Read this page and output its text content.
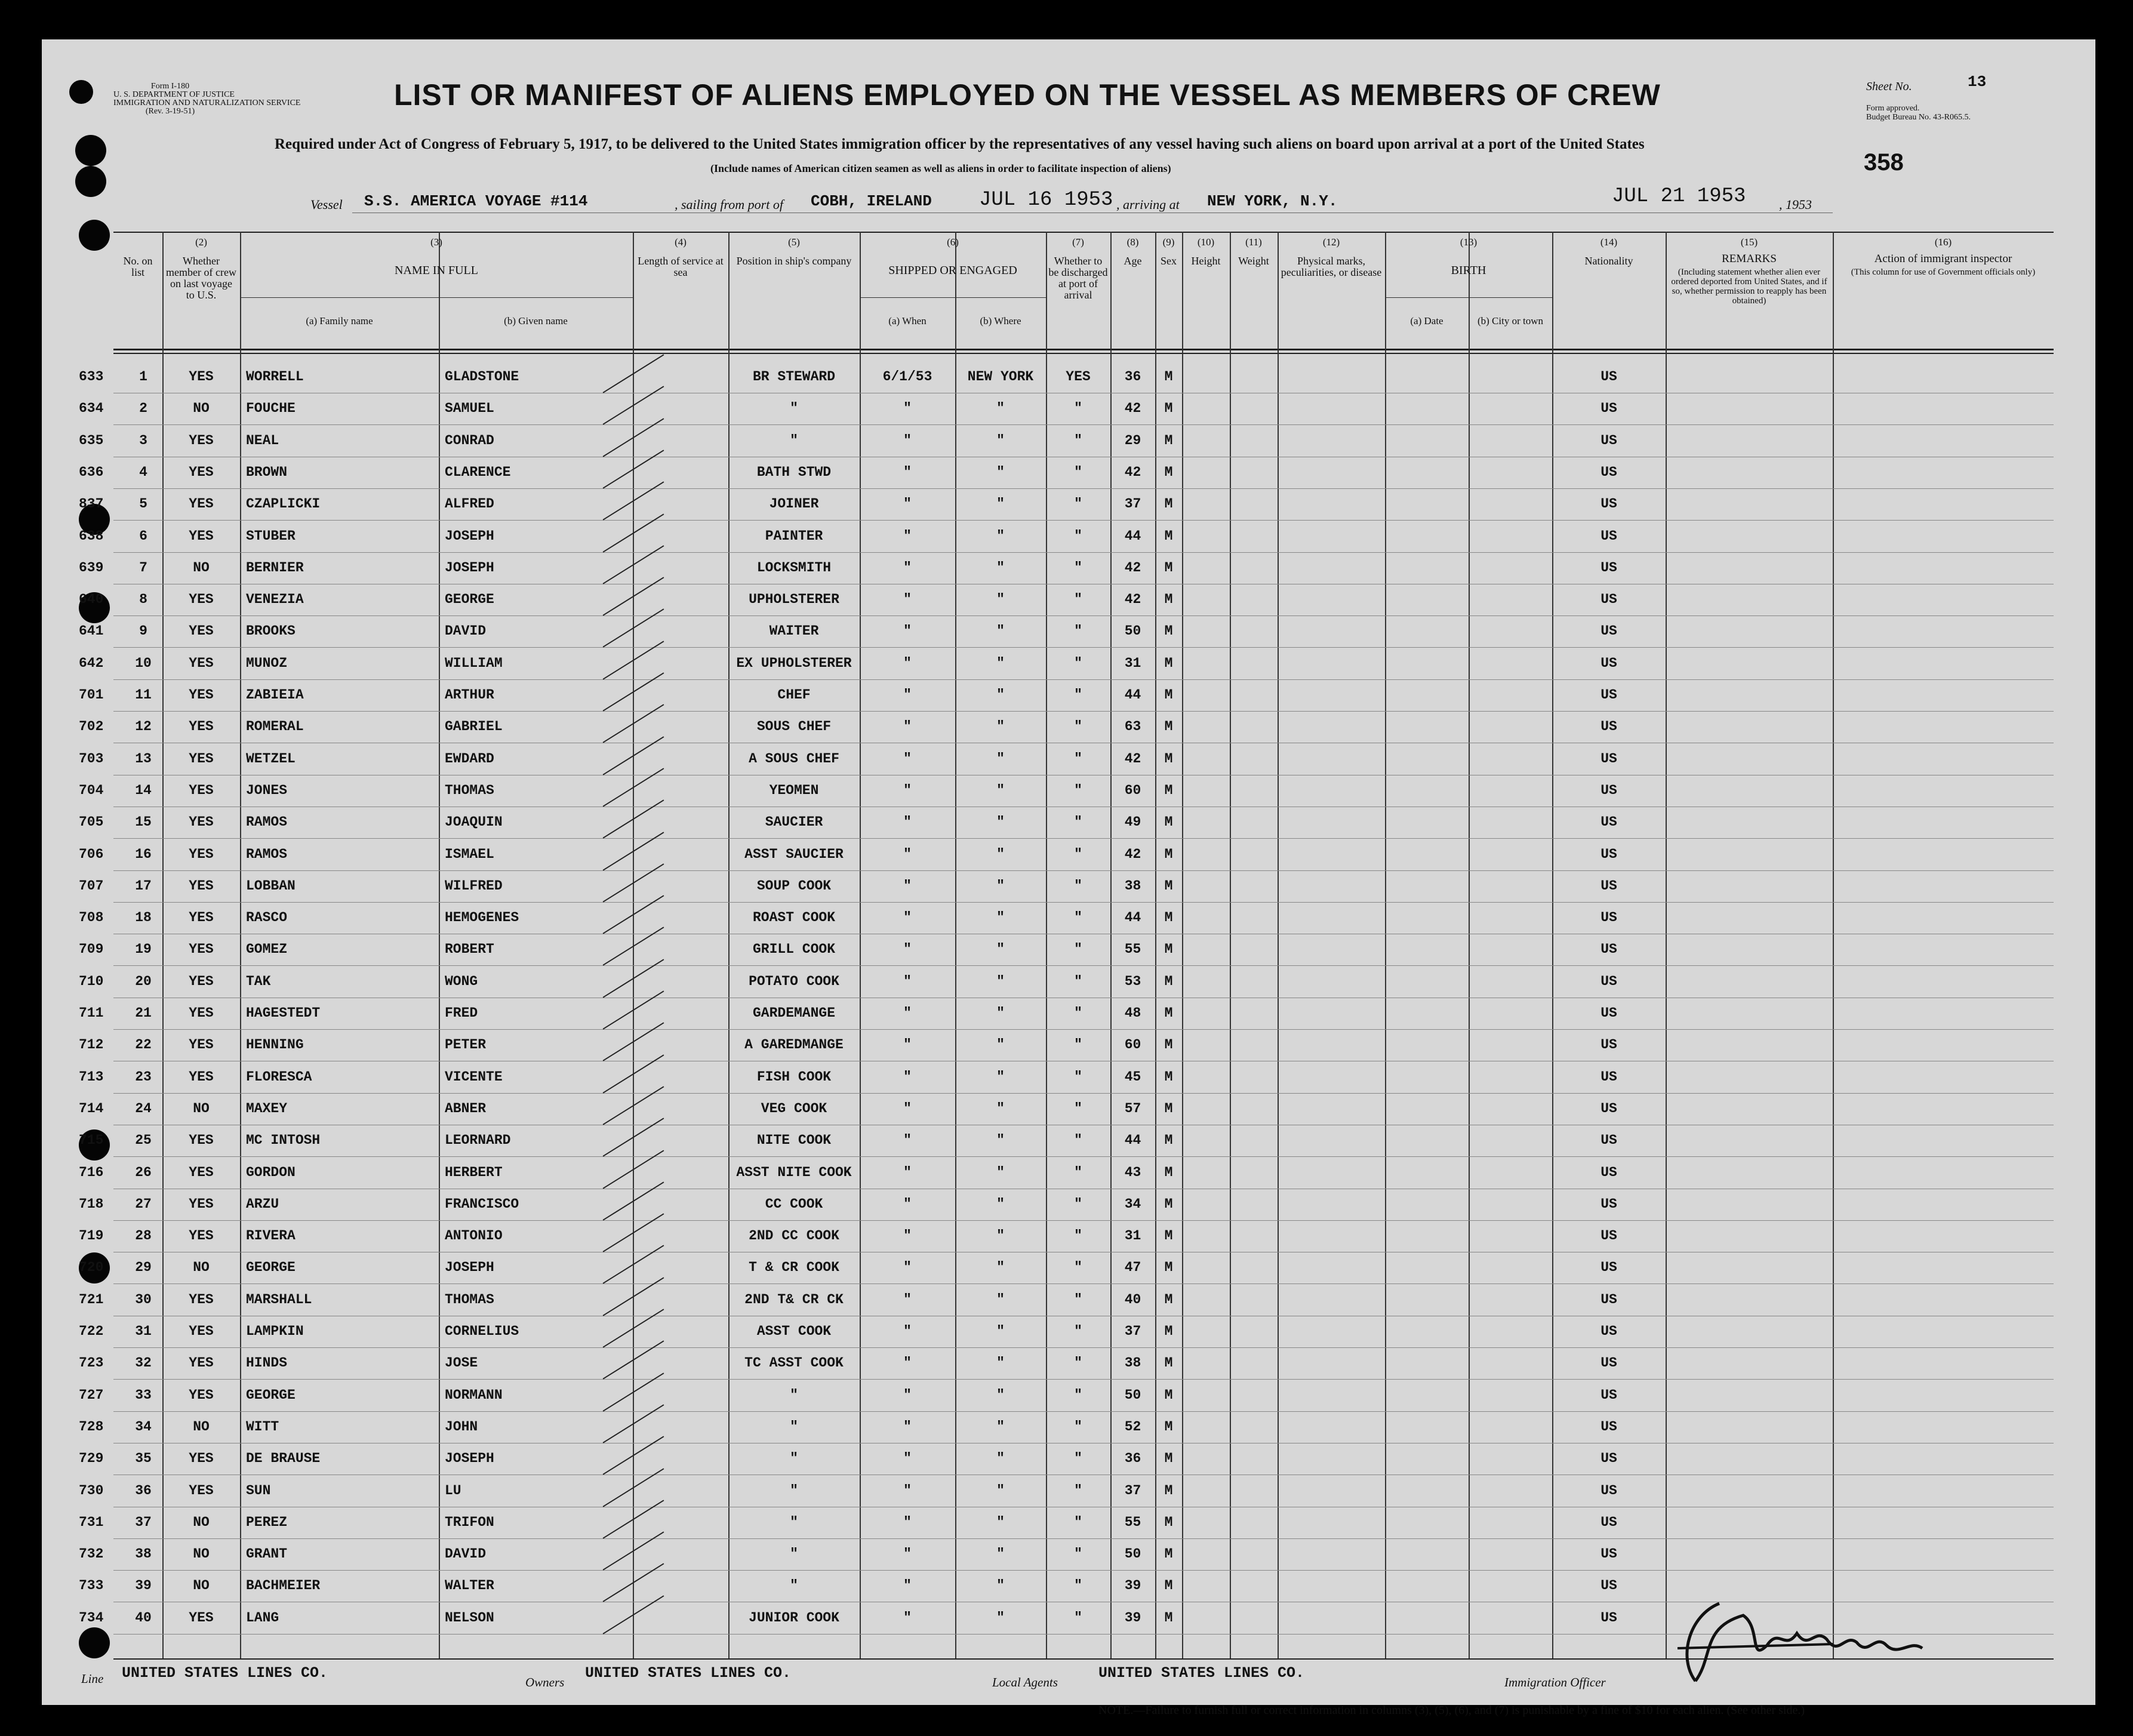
Form I-180
U. S. DEPARTMENT OF JUSTICE
IMMIGRATION AND NATURALIZATION SERVICE
(Rev. 3-19-51)	LIST OR MANIFEST OF ALIENS EMPLOYED ON THE VESSEL AS MEMBERS OF CREW	Sheet No.	13
Form approved.
Budget Bureau No. 43-R065.5.
358
Required under Act of Congress of February 5, 1917, to be delivered to the United States immigration officer by the representatives of any vessel having such aliens on board upon arrival at a port of the United States
(Include names of American citizen seamen as well as aliens in order to facilitate inspection of aliens)
Vessel S.S. AMERICA VOYAGE #114	, sailing from port of COBH, IRELAND JUL 16 1953 , arriving at NEW YORK, N.Y.	JUL 21 1953	, 1953
No. on list
(2)
Whether member of crew on last voyage to U.S.
(3)
NAME IN FULL
(a) Family name	(b) Given name
(4)
Length of service at sea
(5)
Position in ship's company
(6)
SHIPPED OR ENGAGED
(a) When	(b) Where
(7)
Whether to be discharged at port of arrival
(8)
Age
(9)
Sex
(10)
Height
(11)
Weight
(12)
Physical marks, peculiarities, or disease
(13)
BIRTH
(a) Date	(b) City or town
(14)
Nationality
(15)
REMARKS
(Including statement whether alien ever ordered deported from United States, and if so, whether permission to reapply has been obtained)
(16)
Action of immigrant inspector
(This column for use of Government officials only)
633	1	YES	WORRELL	GLADSTONE	BR STEWARD	6/1/53	NEW YORK	YES	36	M	US
634	2	NO	FOUCHE	SAMUEL	"	"	"	"	42	M	US
635	3	YES	NEAL	CONRAD	"	"	"	"	29	M	US
636	4	YES	BROWN	CLARENCE	BATH STWD	"	"	"	42	M	US
837	5	YES	CZAPLICKI	ALFRED	JOINER	"	"	"	37	M	US
638	6	YES	STUBER	JOSEPH	PAINTER	"	"	"	44	M	US
639	7	NO	BERNIER	JOSEPH	LOCKSMITH	"	"	"	42	M	US
640	8	YES	VENEZIA	GEORGE	UPHOLSTERER	"	"	"	42	M	US
641	9	YES	BROOKS	DAVID	WAITER	"	"	"	50	M	US
642	10	YES	MUNOZ	WILLIAM	EX UPHOLSTERER	"	"	"	31	M	US
701	11	YES	ZABIEIA	ARTHUR	CHEF	"	"	"	44	M	US
702	12	YES	ROMERAL	GABRIEL	SOUS CHEF	"	"	"	63	M	US
703	13	YES	WETZEL	EWDARD	A SOUS CHEF	"	"	"	42	M	US
704	14	YES	JONES	THOMAS	YEOMEN	"	"	"	60	M	US
705	15	YES	RAMOS	JOAQUIN	SAUCIER	"	"	"	49	M	US
706	16	YES	RAMOS	ISMAEL	ASST SAUCIER	"	"	"	42	M	US
707	17	YES	LOBBAN	WILFRED	SOUP COOK	"	"	"	38	M	US
708	18	YES	RASCO	HEMOGENES	ROAST COOK	"	"	"	44	M	US
709	19	YES	GOMEZ	ROBERT	GRILL COOK	"	"	"	55	M	US
710	20	YES	TAK	WONG	POTATO COOK	"	"	"	53	M	US
711	21	YES	HAGESTEDT	FRED	GARDEMANGE	"	"	"	48	M	US
712	22	YES	HENNING	PETER	A GAREDMANGE	"	"	"	60	M	US
713	23	YES	FLORESCA	VICENTE	FISH COOK	"	"	"	45	M	US
714	24	NO	MAXEY	ABNER	VEG COOK	"	"	"	57	M	US
715	25	YES	MC INTOSH	LEORNARD	NITE COOK	"	"	"	44	M	US
716	26	YES	GORDON	HERBERT	ASST NITE COOK	"	"	"	43	M	US
718	27	YES	ARZU	FRANCISCO	CC COOK	"	"	"	34	M	US
719	28	YES	RIVERA	ANTONIO	2ND CC COOK	"	"	"	31	M	US
720	29	NO	GEORGE	JOSEPH	T & CR COOK	"	"	"	47	M	US
721	30	YES	MARSHALL	THOMAS	2ND T& CR CK	"	"	"	40	M	US
722	31	YES	LAMPKIN	CORNELIUS	ASST COOK	"	"	"	37	M	US
723	32	YES	HINDS	JOSE	TC ASST COOK	"	"	"	38	M	US
727	33	YES	GEORGE	NORMANN	"	"	"	"	50	M	US
728	34	NO	WITT	JOHN	"	"	"	"	52	M	US
729	35	YES	DE BRAUSE	JOSEPH	"	"	"	"	36	M	US
730	36	YES	SUN	LU	"	"	"	"	37	M	US
731	37	NO	PEREZ	TRIFON	"	"	"	"	55	M	US
732	38	NO	GRANT	DAVID	"	"	"	"	50	M	US
733	39	NO	BACHMEIER	WALTER	"	"	"	"	39	M	US
734	40	YES	LANG	NELSON	JUNIOR COOK	"	"	"	39	M	US
Line UNITED STATES LINES CO.
Owners
UNITED STATES LINES CO.
Local Agents
UNITED STATES LINES CO.
Immigration Officer
NOTE.—Failure to furnish full or correct information in columns (3), (5), (6), and (7) is punishable by a fine of $10 for each alien. (See other side.)
